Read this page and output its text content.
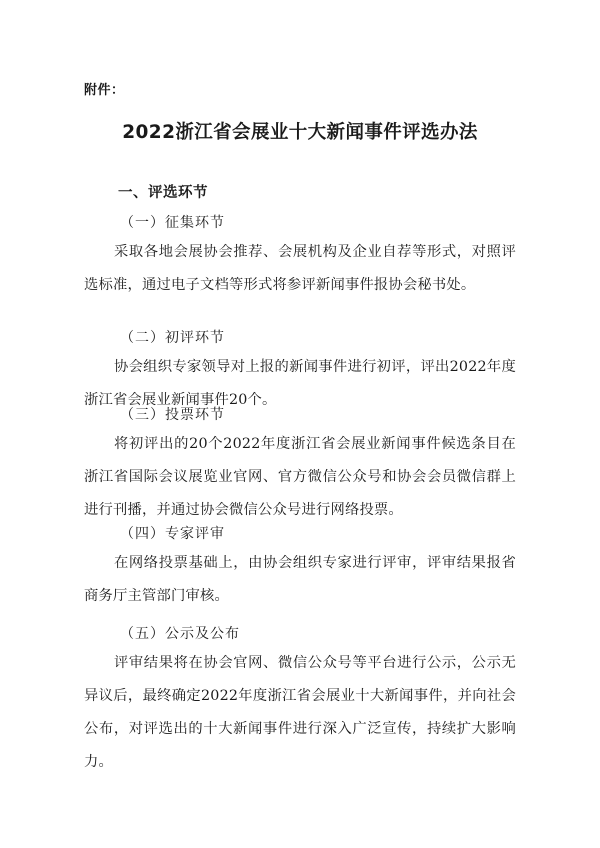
附件：
2022浙江省会展业十大新闻事件评选办法
一、评选环节
（一）征集环节
采取各地会展协会推荐、会展机构及企业自荐等形式，对照评选标准，通过电子文档等形式将参评新闻事件报协会秘书处。
（二）初评环节
协会组织专家领导对上报的新闻事件进行初评，评出2022年度浙江省会展业新闻事件20个。
（三）投票环节
将初评出的20个2022年度浙江省会展业新闻事件候选条目在浙江省国际会议展览业官网、官方微信公众号和协会会员微信群上进行刊播，并通过协会微信公众号进行网络投票。
（四）专家评审
在网络投票基础上，由协会组织专家进行评审，评审结果报省商务厅主管部门审核。
（五）公示及公布
评审结果将在协会官网、微信公众号等平台进行公示，公示无异议后，最终确定2022年度浙江省会展业十大新闻事件，并向社会公布，对评选出的十大新闻事件进行深入广泛宣传，持续扩大影响力。
